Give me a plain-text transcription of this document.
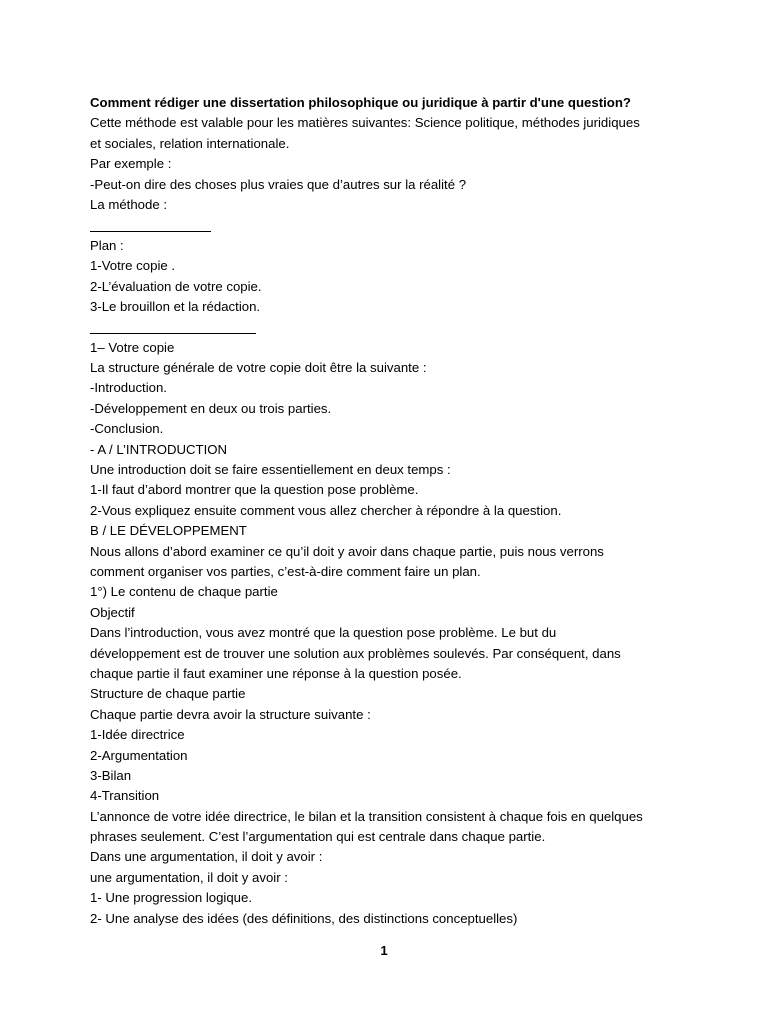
Comment rédiger une dissertation philosophique ou juridique à partir d'une question?
Cette méthode est valable pour les matières suivantes: Science politique, méthodes juridiques
et sociales, relation internationale.
Par exemple :
-Peut-on dire des choses plus vraies que d’autres sur la réalité ?
La méthode :
Plan :
1-Votre copie .
2-L’évaluation de votre copie.
3-Le brouillon et la rédaction.
1– Votre copie
La structure générale de votre copie doit être la suivante :
-Introduction.
-Développement en deux ou trois parties.
-Conclusion.
- A / L’INTRODUCTION
Une introduction doit se faire essentiellement en deux temps :
1-Il faut d’abord montrer que la question pose problème.
2-Vous expliquez ensuite comment vous allez chercher à répondre à la question.
B / LE DÉVELOPPEMENT
Nous allons d’abord examiner ce qu’il doit y avoir dans chaque partie, puis nous verrons
comment organiser vos parties, c’est-à-dire comment faire un plan.
1°) Le contenu de chaque partie
Objectif
Dans l’introduction, vous avez montré que la question pose problème. Le but du
développement est de trouver une solution aux problèmes soulevés. Par conséquent, dans
chaque partie il faut examiner une réponse à la question posée.
Structure de chaque partie
Chaque partie devra avoir la structure suivante :
1-Idée directrice
2-Argumentation
3-Bilan
4-Transition
L’annonce de votre idée directrice, le bilan et la transition consistent à chaque fois en quelques
phrases seulement. C’est l’argumentation qui est centrale dans chaque partie.
Dans une argumentation, il doit y avoir :
une argumentation, il doit y avoir :
1- Une progression logique.
2- Une analyse des idées (des définitions, des distinctions conceptuelles)
1
